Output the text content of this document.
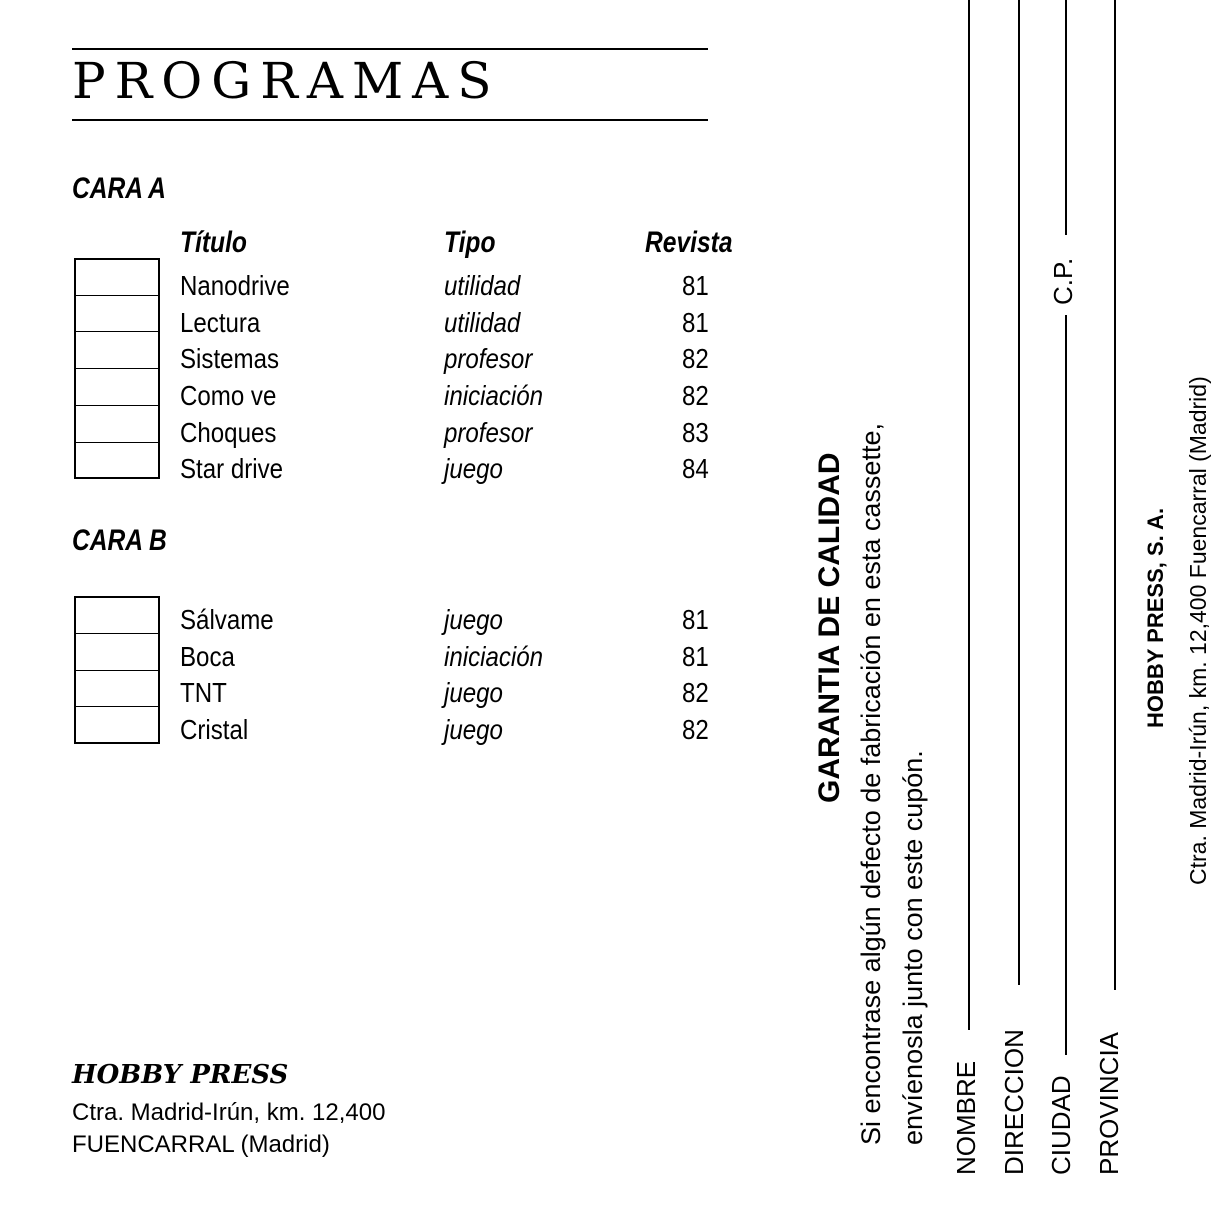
PROGRAMAS
CARA A
Título	Tipo	Revista
Nanodrive	utilidad	81
Lectura	utilidad	81
Sistemas	profesor	82
Como ve	iniciación	82
Choques	profesor	83
Star drive	juego	84
CARA B
Sálvame	juego	81
Boca	iniciación	81
TNT	juego	82
Cristal	juego	82
HOBBY PRESS
Ctra. Madrid-Irún, km. 12,400
FUENCARRAL (Madrid)
GARANTIA DE CALIDAD Si encontrase algún defecto de fabricación en esta cassette, envíenosla junto con este cupón. NOMBRE DIRECCION CIUDAD
C.P.
PROVINCIA
HOBBY PRESS, S. A. Ctra. Madrid-Irún, km. 12,400 Fuencarral (Madrid)
